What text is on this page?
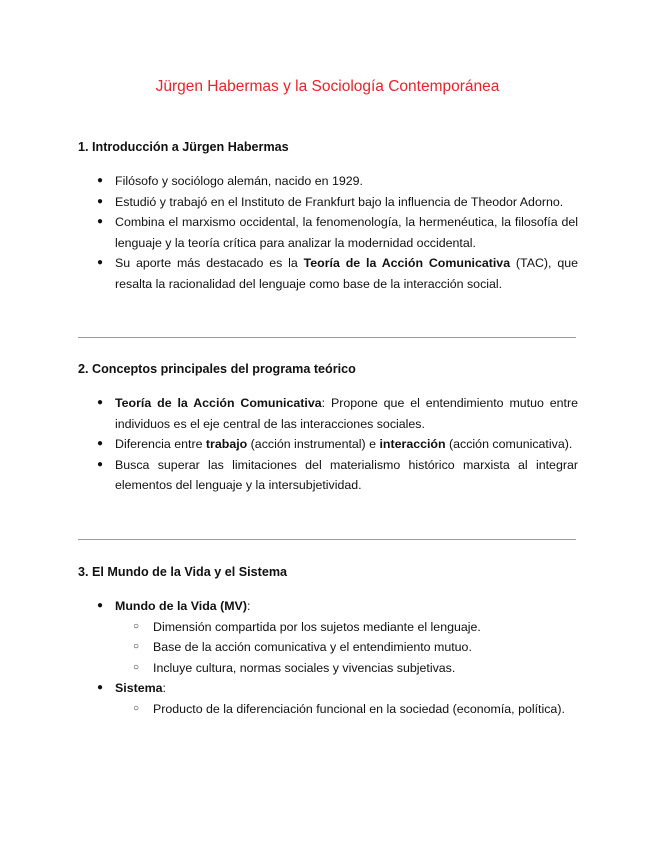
Jürgen Habermas y la Sociología Contemporánea
1. Introducción a Jürgen Habermas
● Filósofo y sociólogo alemán, nacido en 1929.
● Estudió y trabajó en el Instituto de Frankfurt bajo la influencia de Theodor Adorno.
● Combina el marxismo occidental, la fenomenología, la hermenéutica, la filosofía del lenguaje y la teoría crítica para analizar la modernidad occidental.
● Su aporte más destacado es la Teoría de la Acción Comunicativa (TAC), que resalta la racionalidad del lenguaje como base de la interacción social.
2. Conceptos principales del programa teórico
● Teoría de la Acción Comunicativa: Propone que el entendimiento mutuo entre individuos es el eje central de las interacciones sociales.
● Diferencia entre trabajo (acción instrumental) e interacción (acción comunicativa).
● Busca superar las limitaciones del materialismo histórico marxista al integrar elementos del lenguaje y la intersubjetividad.
3. El Mundo de la Vida y el Sistema
● Mundo de la Vida (MV):
○ Dimensión compartida por los sujetos mediante el lenguaje.
○ Base de la acción comunicativa y el entendimiento mutuo.
○ Incluye cultura, normas sociales y vivencias subjetivas.
● Sistema:
○ Producto de la diferenciación funcional en la sociedad (economía, política).
